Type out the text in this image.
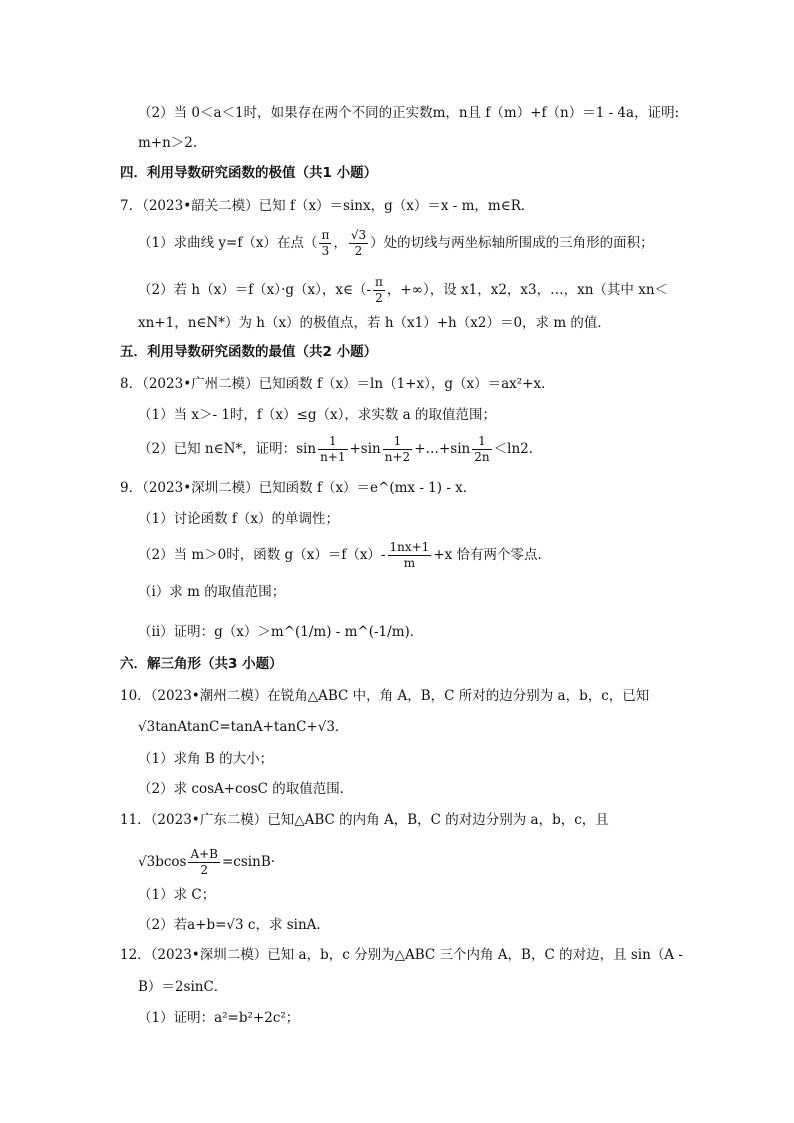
（2）当 0＜a＜1时，如果存在两个不同的正实数m，n且 f（m）+f（n）＝1 - 4a，证明:
m+n＞2.
四．利用导数研究函数的极值（共1 小题）
7．（2023•韶关二模）已知 f（x）＝sinx，g（x）＝x - m，m∈R．
（1）求曲线 y=f（x）在点（ $\frac{\pi}{3}$ ， $\frac{√3}{2}$ ）处的切线与两坐标轴所围成的三角形的面积；
（2）若 h（x）＝f（x）·g（x），x∈（- $\frac{\pi}{2}$ ，+∞），设 x1，x2，x3，…，xn（其中 xn＜
xn+1，n∈N*）为 h（x）的极值点，若 h（x1）+h（x2）＝0，求 m 的值．
五．利用导数研究函数的最值（共2 小题）
8．（2023•广州二模）已知函数 f（x）＝ln（1+x），g（x）＝ax²+x．
（1）当 x＞- 1时，f（x）≤g（x），求实数 a 的取值范围；
（2）已知 n∈N*，证明：$\sin \frac{1}{n+1} +\sin \frac{1}{n+2}$ +…+sin $\frac{1}{2n} <\ln 2$．
9．（2023•深圳二模）已知函数 f（x）＝e^(mx - 1) - x．
（1）讨论函数 f（x）的单调性；
（2）当 m＞0时，函数 $g(x)=f(x)- \frac{1nx+1}{m} +x$ 恰有两个零点．
（i）求 m 的取值范围；
（ii）证明：g（x）＞m^(1/m) - m^(-1/m)．
六．解三角形（共3 小题）
10．（2023•潮州二模）在锐角△ABC 中，角 A，B，C 所对的边分别为 a，b，c，已知
√3tanAtanC=tanA+tanC+√3．
（1）求角 B 的大小；
（2）求 cosA+cosC 的取值范围．
11．（2023•广东二模）已知△ABC 的内角 A，B，C 的对边分别为 a，b，c，且
$√3bcos \frac{A+B}{2} =csinB\cdot$
（1）求 C；
（2）若a+b=√3 c，求 sinA．
12．（2023•深圳二模）已知 a，b，c 分别为△ABC 三个内角 A，B，C 的对边，且 sin（A -
B）＝2sinC．
（1）证明：a²=b²+2c²；
